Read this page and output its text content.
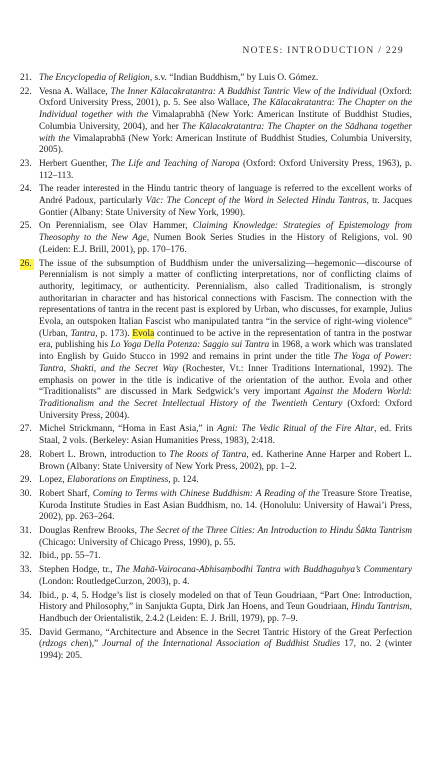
NOTES: INTRODUCTION / 229
21. The Encyclopedia of Religion, s.v. “Indian Buddhism,” by Luis O. Gómez.
22. Vesna A. Wallace, The Inner Kālacakratantra: A Buddhist Tantric View of the Individual (Oxford: Oxford University Press, 2001), p. 5. See also Wallace, The Kālacakratantra: The Chapter on the Individual together with the Vimalaprabhā (New York: American Institute of Buddhist Studies, Columbia University, 2004), and her The Kālacakratantra: The Chapter on the Sādhana together with the Vimalaprabhā (New York: American Institute of Buddhist Studies, Columbia University, 2005).
23. Herbert Guenther, The Life and Teaching of Naropa (Oxford: Oxford University Press, 1963), p. 112–113.
24. The reader interested in the Hindu tantric theory of language is referred to the excellent works of André Padoux, particularly Vāc: The Concept of the Word in Selected Hindu Tantras, tr. Jacques Gontier (Albany: State University of New York, 1990).
25. On Perennialism, see Olav Hammer, Claiming Knowledge: Strategies of Epistemology from Theosophy to the New Age, Numen Book Series Studies in the History of Religions, vol. 90 (Leiden: E.J. Brill, 2001), pp. 170–176.
26. The issue of the subsumption of Buddhism under the universalizing—hegemonic—discourse of Perennialism is not simply a matter of conflicting interpretations, nor of conflicting claims of authority, legitimacy, or authenticity. Perennialism, also called Traditionalism, is strongly authoritarian in character and has historical connections with Fascism. The connection with the representations of tantra in the recent past is explored by Urban, who discusses, for example, Julius Evola, an outspoken Italian Fascist who manipulated tantra “in the service of right-wing violence” (Urban, Tantra, p. 173). Evola continued to be active in the representation of tantra in the postwar era, publishing his Lo Yoga Della Potenza: Saggio sui Tantra in 1968, a work which was translated into English by Guido Stucco in 1992 and remains in print under the title The Yoga of Power: Tantra, Shakti, and the Secret Way (Rochester, Vt.: Inner Traditions International, 1992). The emphasis on power in the title is indicative of the orientation of the author. Evola and other “Traditionalists” are discussed in Mark Sedgwick’s very important Against the Modern World: Traditionalism and the Secret Intellectual History of the Twentieth Century (Oxford: Oxford University Press, 2004).
27. Michel Strickmann, “Homa in East Asia,” in Agni: The Vedic Ritual of the Fire Altar, ed. Frits Staal, 2 vols. (Berkeley: Asian Humanities Press, 1983), 2:418.
28. Robert L. Brown, introduction to The Roots of Tantra, ed. Katherine Anne Harper and Robert L. Brown (Albany: State University of New York Press, 2002), pp. 1–2.
29. Lopez, Elaborations on Emptiness, p. 124.
30. Robert Sharf, Coming to Terms with Chinese Buddhism: A Reading of the Treasure Store Treatise, Kuroda Institute Studies in East Asian Buddhism, no. 14. (Honolulu: University of Hawai’i Press, 2002), pp. 263–264.
31. Douglas Renfrew Brooks, The Secret of the Three Cities: An Introduction to Hindu Śākta Tantrism (Chicago: University of Chicago Press, 1990), p. 55.
32. Ibid., pp. 55–71.
33. Stephen Hodge, tr., The Mahā-Vairocana-Abhisaṃbodhi Tantra with Buddhaguhya’s Commentary (London: RoutledgeCurzon, 2003), p. 4.
34. Ibid., p. 4, 5. Hodge’s list is closely modeled on that of Teun Goudriaan, “Part One: Introduction, History and Philosophy,” in Sanjukta Gupta, Dirk Jan Hoens, and Teun Goudriaan, Hindu Tantrism, Handbuch der Orientalistik, 2.4.2 (Leiden: E. J. Brill, 1979), pp. 7–9.
35. David Germano, “Architecture and Absence in the Secret Tantric History of the Great Perfection (rdzogs chen),” Journal of the International Association of Buddhist Studies 17, no. 2 (winter 1994): 205.
